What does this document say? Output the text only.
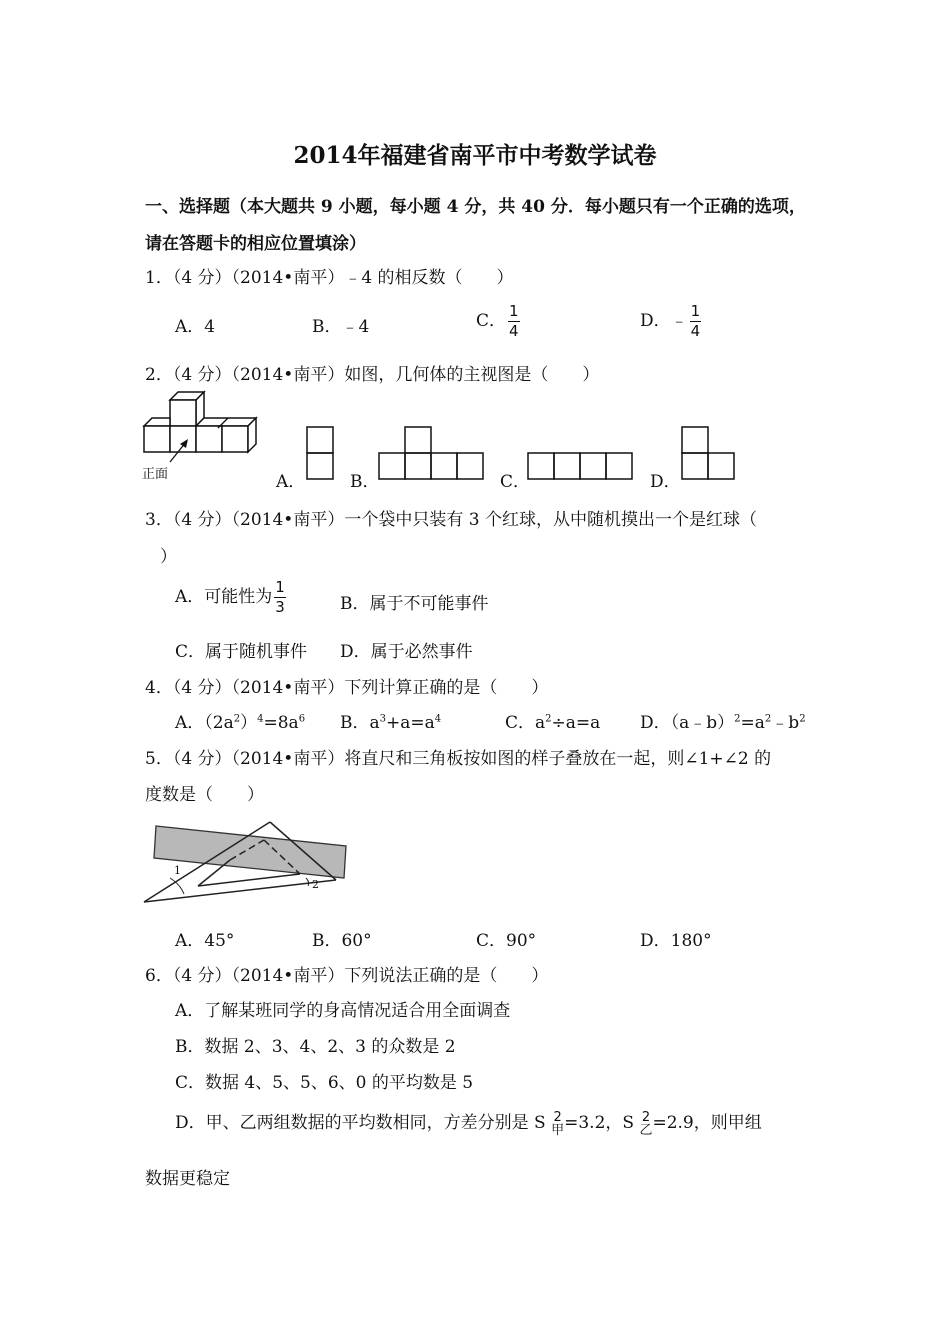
2014年福建省南平市中考数学试卷
一、选择题（本大题共 9 小题，每小题 4 分，共 40 分．每小题只有一个正确的选项，
请在答题卡的相应位置填涂）
1．（4 分）（2014•南平）﹣4 的相反数（　　）
A．4	B．﹣4	C． $\frac{1}{4}$	D．﹣ $\frac{1}{4}$
2．（4 分）（2014•南平）如图，几何体的主视图是（　　）
正面	A．	B．	C．	D．
3．（4 分）（2014•南平）一个袋中只装有 3 个红球，从中随机摸出一个是红球（
）
A．可能性为 $\frac{1}{3}$	B．属于不可能事件
C．属于随机事件 D．属于必然事件
4．（4 分）（2014•南平）下列计算正确的是（　　）
A．$(2a^2)^4=8a^6$ B．$a^3+a=a^4$	C．$a^2\div a=a$ D．$(a﹣b)^2=a^2﹣b^2$
5．（4 分）（2014•南平）将直尺和三角板按如图的样子叠放在一起，则∠1+∠2 的
度数是（　　）
1
2
A．45°	B．60°	C．90°	D．180°
6．（4 分）（2014•南平）下列说法正确的是（　　）
A．了解某班同学的身高情况适合用全面调查
B．数据 2、3、4、2、3 的众数是 2
C．数据 4、5、5、6、0 的平均数是 5
D．甲、乙两组数据的平均数相同，方差分别是 S 2
甲 =3.2，S 2
乙 =2.9，则甲组
数据更稳定
